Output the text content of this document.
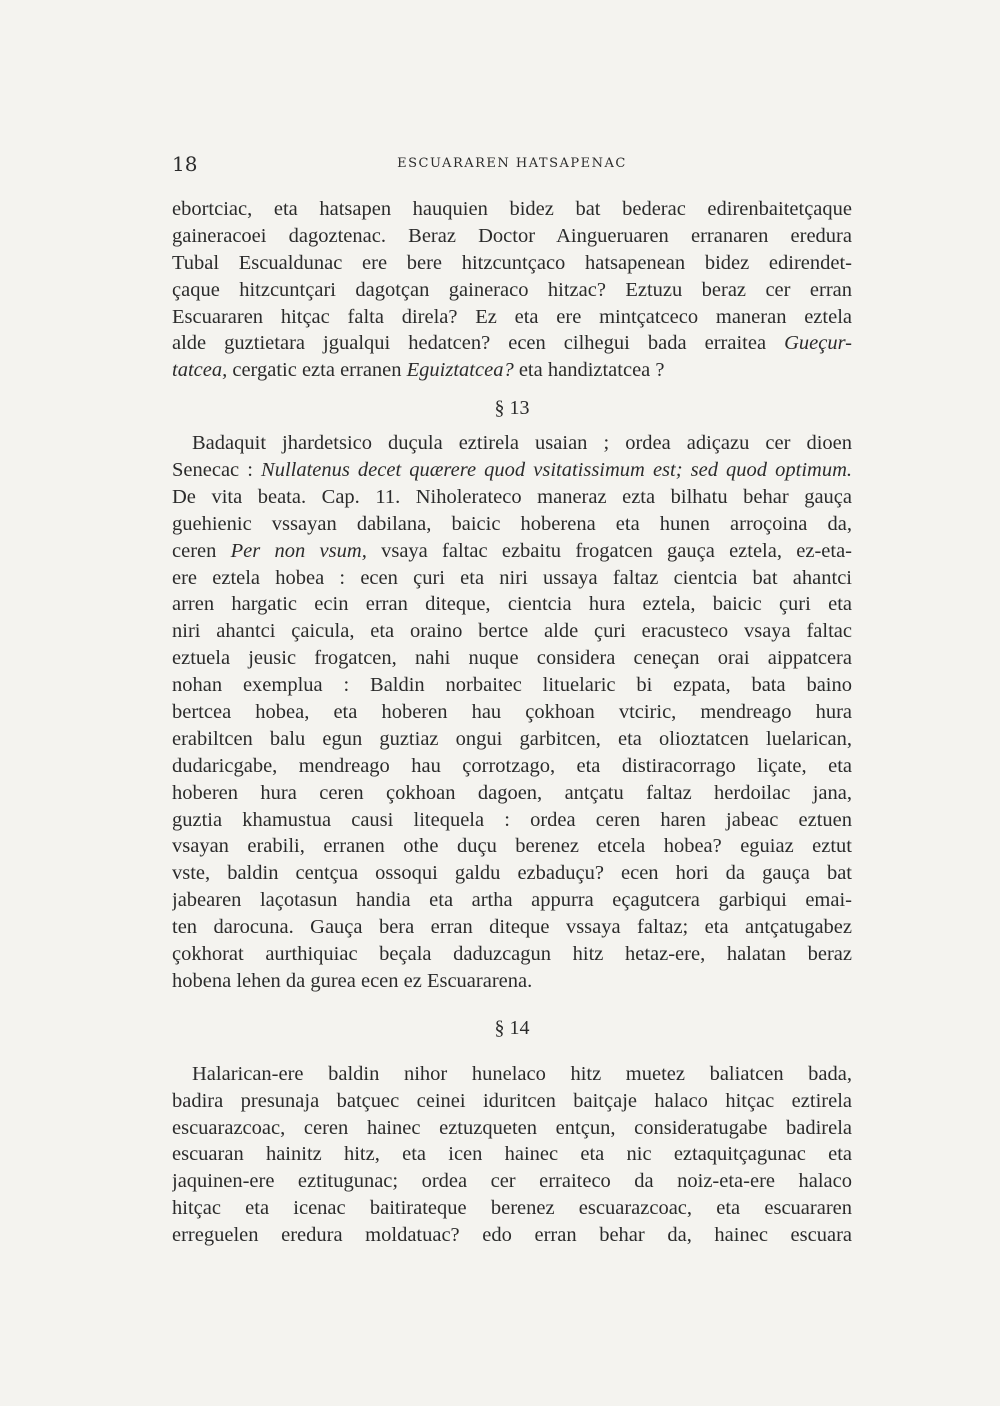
18	ESCUARAREN HATSAPENAC
ebortciac, eta hatsapen hauquien bidez bat bederac edirenbaitetçaque
gaineracoei dagoztenac. Beraz Doctor Aingueruaren erranaren eredura
Tubal Escualdunac ere bere hitzcuntçaco hatsapenean bidez edirendet-
çaque hitzcuntçari dagotçan gaineraco hitzac? Eztuzu beraz cer erran
Escuararen hitçac falta direla? Ez eta ere mintçatceco maneran eztela
alde guztietara jgualqui hedatcen? ecen cilhegui bada erraitea Gueçur-
tatcea, cergatic ezta erranen Eguiztatcea? eta handiztatcea ?
§ 13
Badaquit jhardetsico duçula eztirela usaian ; ordea adiçazu cer dioen
Senecac : Nullatenus decet quærere quod vsitatissimum est; sed quod optimum.
De vita beata. Cap. 11. Niholerateco maneraz ezta bilhatu behar gauça
guehienic vssayan dabilana, baicic hoberena eta hunen arroçoina da,
ceren Per non vsum, vsaya faltac ezbaitu frogatcen gauça eztela, ez-eta-
ere eztela hobea : ecen çuri eta niri ussaya faltaz cientcia bat ahantci
arren hargatic ecin erran diteque, cientcia hura eztela, baicic çuri eta
niri ahantci çaicula, eta oraino bertce alde çuri eracusteco vsaya faltac
eztuela jeusic frogatcen, nahi nuque considera ceneçan orai aippatcera
nohan exemplua : Baldin norbaitec lituelaric bi ezpata, bata baino
bertcea hobea, eta hoberen hau çokhoan vtciric, mendreago hura
erabiltcen balu egun guztiaz ongui garbitcen, eta olioztatcen luelarican,
dudaricgabe, mendreago hau çorrotzago, eta distiracorrago liçate, eta
hoberen hura ceren çokhoan dagoen, antçatu faltaz herdoilac jana,
guztia khamustua causi litequela : ordea ceren haren jabeac eztuen
vsayan erabili, erranen othe duçu berenez etcela hobea? eguiaz eztut
vste, baldin centçua ossoqui galdu ezbaduçu? ecen hori da gauça bat
jabearen laçotasun handia eta artha appurra eçagutcera garbiqui emai-
ten darocuna. Gauça bera erran diteque vssaya faltaz; eta antçatugabez
çokhorat aurthiquiac beçala daduzcagun hitz hetaz-ere, halatan beraz
hobena lehen da gurea ecen ez Escuararena.
§ 14
Halarican-ere baldin nihor hunelaco hitz muetez baliatcen bada,
badira presunaja batçuec ceinei iduritcen baitçaje halaco hitçac eztirela
escuarazcoac, ceren hainec eztuzqueten entçun, consideratugabe badirela
escuaran hainitz hitz, eta icen hainec eta nic eztaquitçagunac eta
jaquinen-ere eztitugunac; ordea cer erraiteco da noiz-eta-ere halaco
hitçac eta icenac baitirateque berenez escuarazcoac, eta escuararen
erreguelen eredura moldatuac? edo erran behar da, hainec escuara
